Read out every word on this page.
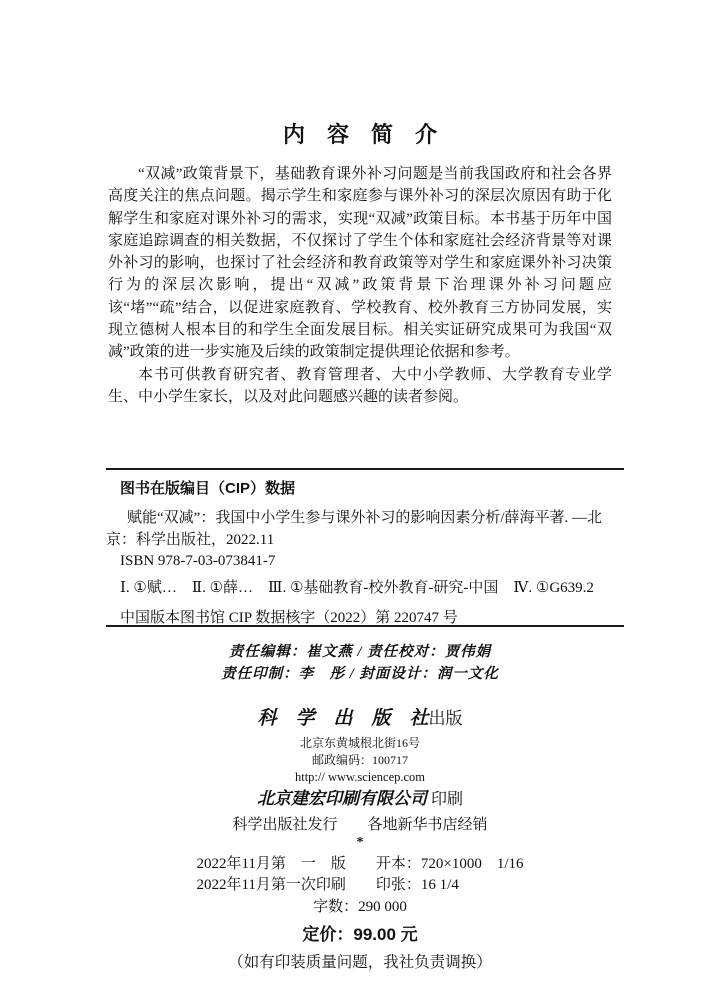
内　容　简　介

“双减”政策背景下，基础教育课外补习问题是当前我国政府和社会各界高度关注的焦点问题。揭示学生和家庭参与课外补习的深层次原因有助于化解学生和家庭对课外补习的需求，实现“双减”政策目标。本书基于历年中国家庭追踪调查的相关数据，不仅探讨了学生个体和家庭社会经济背景等对课外补习的影响，也探讨了社会经济和教育政策等对学生和家庭课外补习决策行为的深层次影响，提出“双减”政策背景下治理课外补习问题应该“堵”“疏”结合，以促进家庭教育、学校教育、校外教育三方协同发展，实现立德树人根本目的和学生全面发展目标。相关实证研究成果可为我国“双减”政策的进一步实施及后续的政策制定提供理论依据和参考。

本书可供教育研究者、教育管理者、大中小学教师、大学教育专业学生、中小学生家长，以及对此问题感兴趣的读者参阅。

图书在版编目（CIP）数据
赋能“双减”：我国中小学生参与课外补习的影响因素分析/薛海平著. —北
京：科学出版社，2022.11
ISBN 978-7-03-073841-7
Ⅰ. ①赋…　Ⅱ. ①薛…　Ⅲ. ①基础教育-校外教育-研究-中国　Ⅳ. ①G639.2
中国版本图书馆 CIP 数据核字（2022）第 220747 号
责任编辑：崔文燕 / 责任校对：贾伟娟
责任印制：李　彤 / 封面设计：润一文化
科　学　出　版　社出版
北京东黄城根北街16号
邮政编码：100717
http:// www.sciencep.com
北京建宏印刷有限公司 印刷
科学出版社发行　　各地新华书店经销
*
2022年11月第　一　版　　开本：720×1000　1/16
2022年11月第一次印刷　　印张：16 1/4
字数：290 000
定价：99.00 元
（如有印装质量问题，我社负责调换）
